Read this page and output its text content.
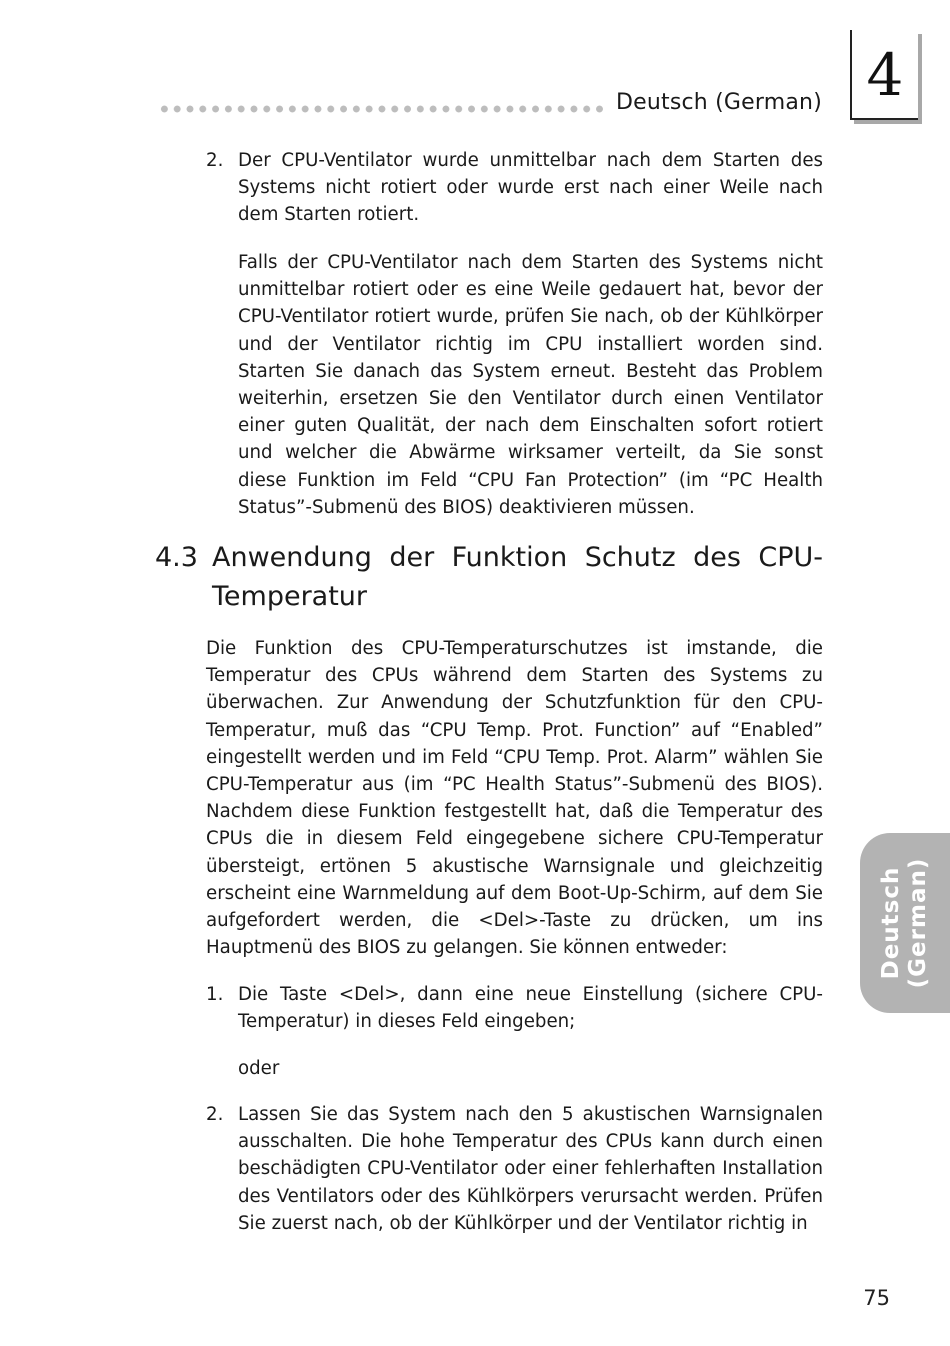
Deutsch (German) 4
2. Der CPU-Ventilator wurde unmittelbar nach dem Starten des Systems nicht rotiert oder wurde erst nach einer Weile nach dem Starten rotiert.
Falls der CPU-Ventilator nach dem Starten des Systems nicht unmittelbar rotiert oder es eine Weile gedauert hat, bevor der CPU-Ventilator rotiert wurde, prüfen Sie nach, ob der Kühlkörper und der Ventilator richtig im CPU installiert worden sind. Starten Sie danach das System erneut. Besteht das Problem weiterhin, ersetzen Sie den Ventilator durch einen Ventilator einer guten Qualität, der nach dem Einschalten sofort rotiert und welcher die Abwärme wirksamer verteilt, da Sie sonst diese Funktion im Feld “CPU Fan Protection” (im “PC Health Status”-Submenü des BIOS) deaktivieren müssen.
4.3 Anwendung der Funktion Schutz des CPU-Temperatur
Die Funktion des CPU-Temperaturschutzes ist imstande, die Temperatur des CPUs während dem Starten des Systems zu überwachen. Zur Anwendung der Schutzfunktion für den CPU-Temperatur, muß das “CPU Temp. Prot. Function” auf “Enabled” eingestellt werden und im Feld “CPU Temp. Prot. Alarm” wählen Sie CPU-Temperatur aus (im “PC Health Status”-Submenü des BIOS). Nachdem diese Funktion festgestellt hat, daß die Temperatur des CPUs die in diesem Feld eingegebene sichere CPU-Temperatur übersteigt, ertönen 5 akustische Warnsignale und gleichzeitig erscheint eine Warnmeldung auf dem Boot-Up-Schirm, auf dem Sie aufgefordert werden, die <Del>-Taste zu drücken, um ins Hauptmenü des BIOS zu gelangen. Sie können entweder:
1. Die Taste <Del>, dann eine neue Einstellung (sichere CPU-Temperatur) in dieses Feld eingeben;
oder
2. Lassen Sie das System nach den 5 akustischen Warnsignalen ausschalten. Die hohe Temperatur des CPUs kann durch einen beschädigten CPU-Ventilator oder einer fehlerhaften Installation des Ventilators oder des Kühlkörpers verursacht werden. Prüfen Sie zuerst nach, ob der Kühlkörper und der Ventilator richtig in
Deutsch (German)
75
